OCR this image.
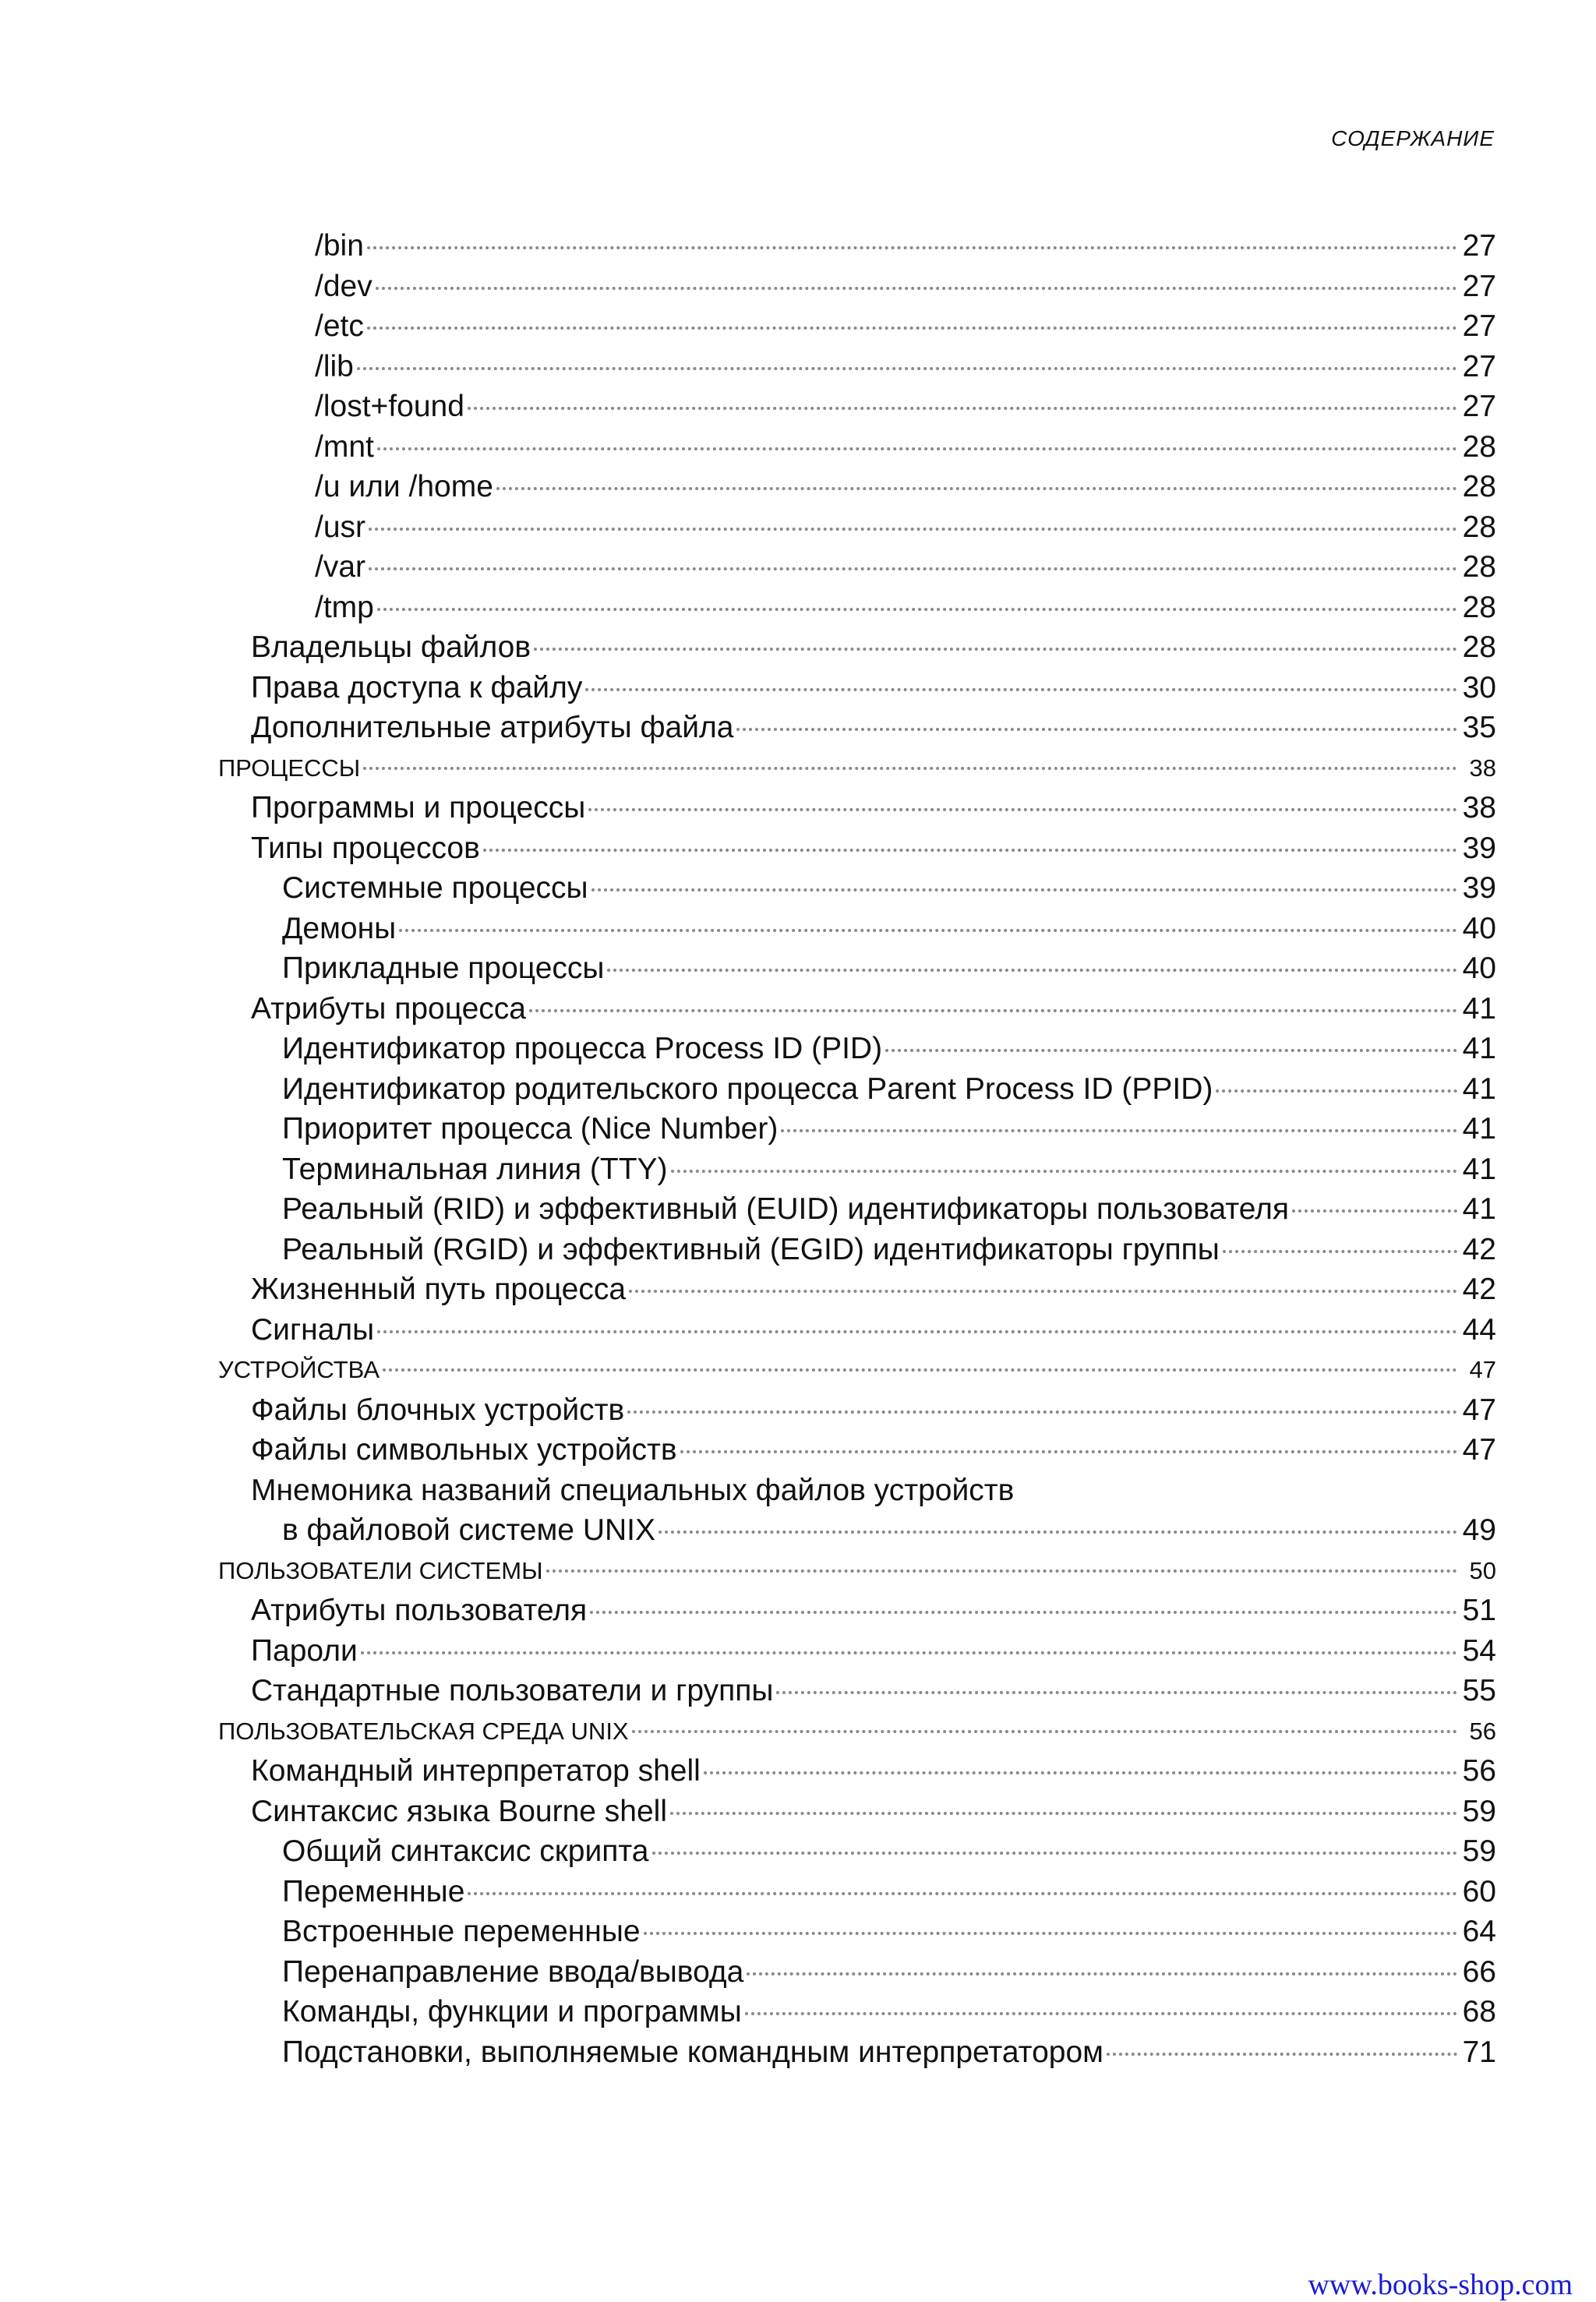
СОДЕРЖАНИЕ
/bin	27
/dev	27
/etc	27
/lib	27
/lost+found	27
/mnt	28
/u или /home	28
/usr	28
/var	28
/tmp	28
Владельцы файлов	28
Права доступа к файлу	30
Дополнительные атрибуты файла	35
ПРОЦЕССЫ	38
Программы и процессы	38
Типы процессов	39
Системные процессы	39
Демоны	40
Прикладные процессы	40
Атрибуты процесса	41
Идентификатор процесса Process ID (PID)	41
Идентификатор родительского процесса Parent Process ID (PPID)	41
Приоритет процесса (Nice Number)	41
Терминальная линия (TTY)	41
Реальный (RID) и эффективный (EUID) идентификаторы пользователя	41
Реальный (RGID) и эффективный (EGID) идентификаторы группы	42
Жизненный путь процесса	42
Сигналы	44
УСТРОЙСТВА	47
Файлы блочных устройств	47
Файлы символьных устройств	47
Мнемоника названий специальных файлов устройств
в файловой системе UNIX	49
ПОЛЬЗОВАТЕЛИ СИСТЕМЫ	50
Атрибуты пользователя	51
Пароли	54
Стандартные пользователи и группы	55
ПОЛЬЗОВАТЕЛЬСКАЯ СРЕДА UNIX	56
Командный интерпретатор shell	56
Синтаксис языка Bourne shell	59
Общий синтаксис скрипта	59
Переменные	60
Встроенные переменные	64
Перенаправление ввода/вывода	66
Команды, функции и программы	68
Подстановки, выполняемые командным интерпретатором	71
www.books-shop.com
